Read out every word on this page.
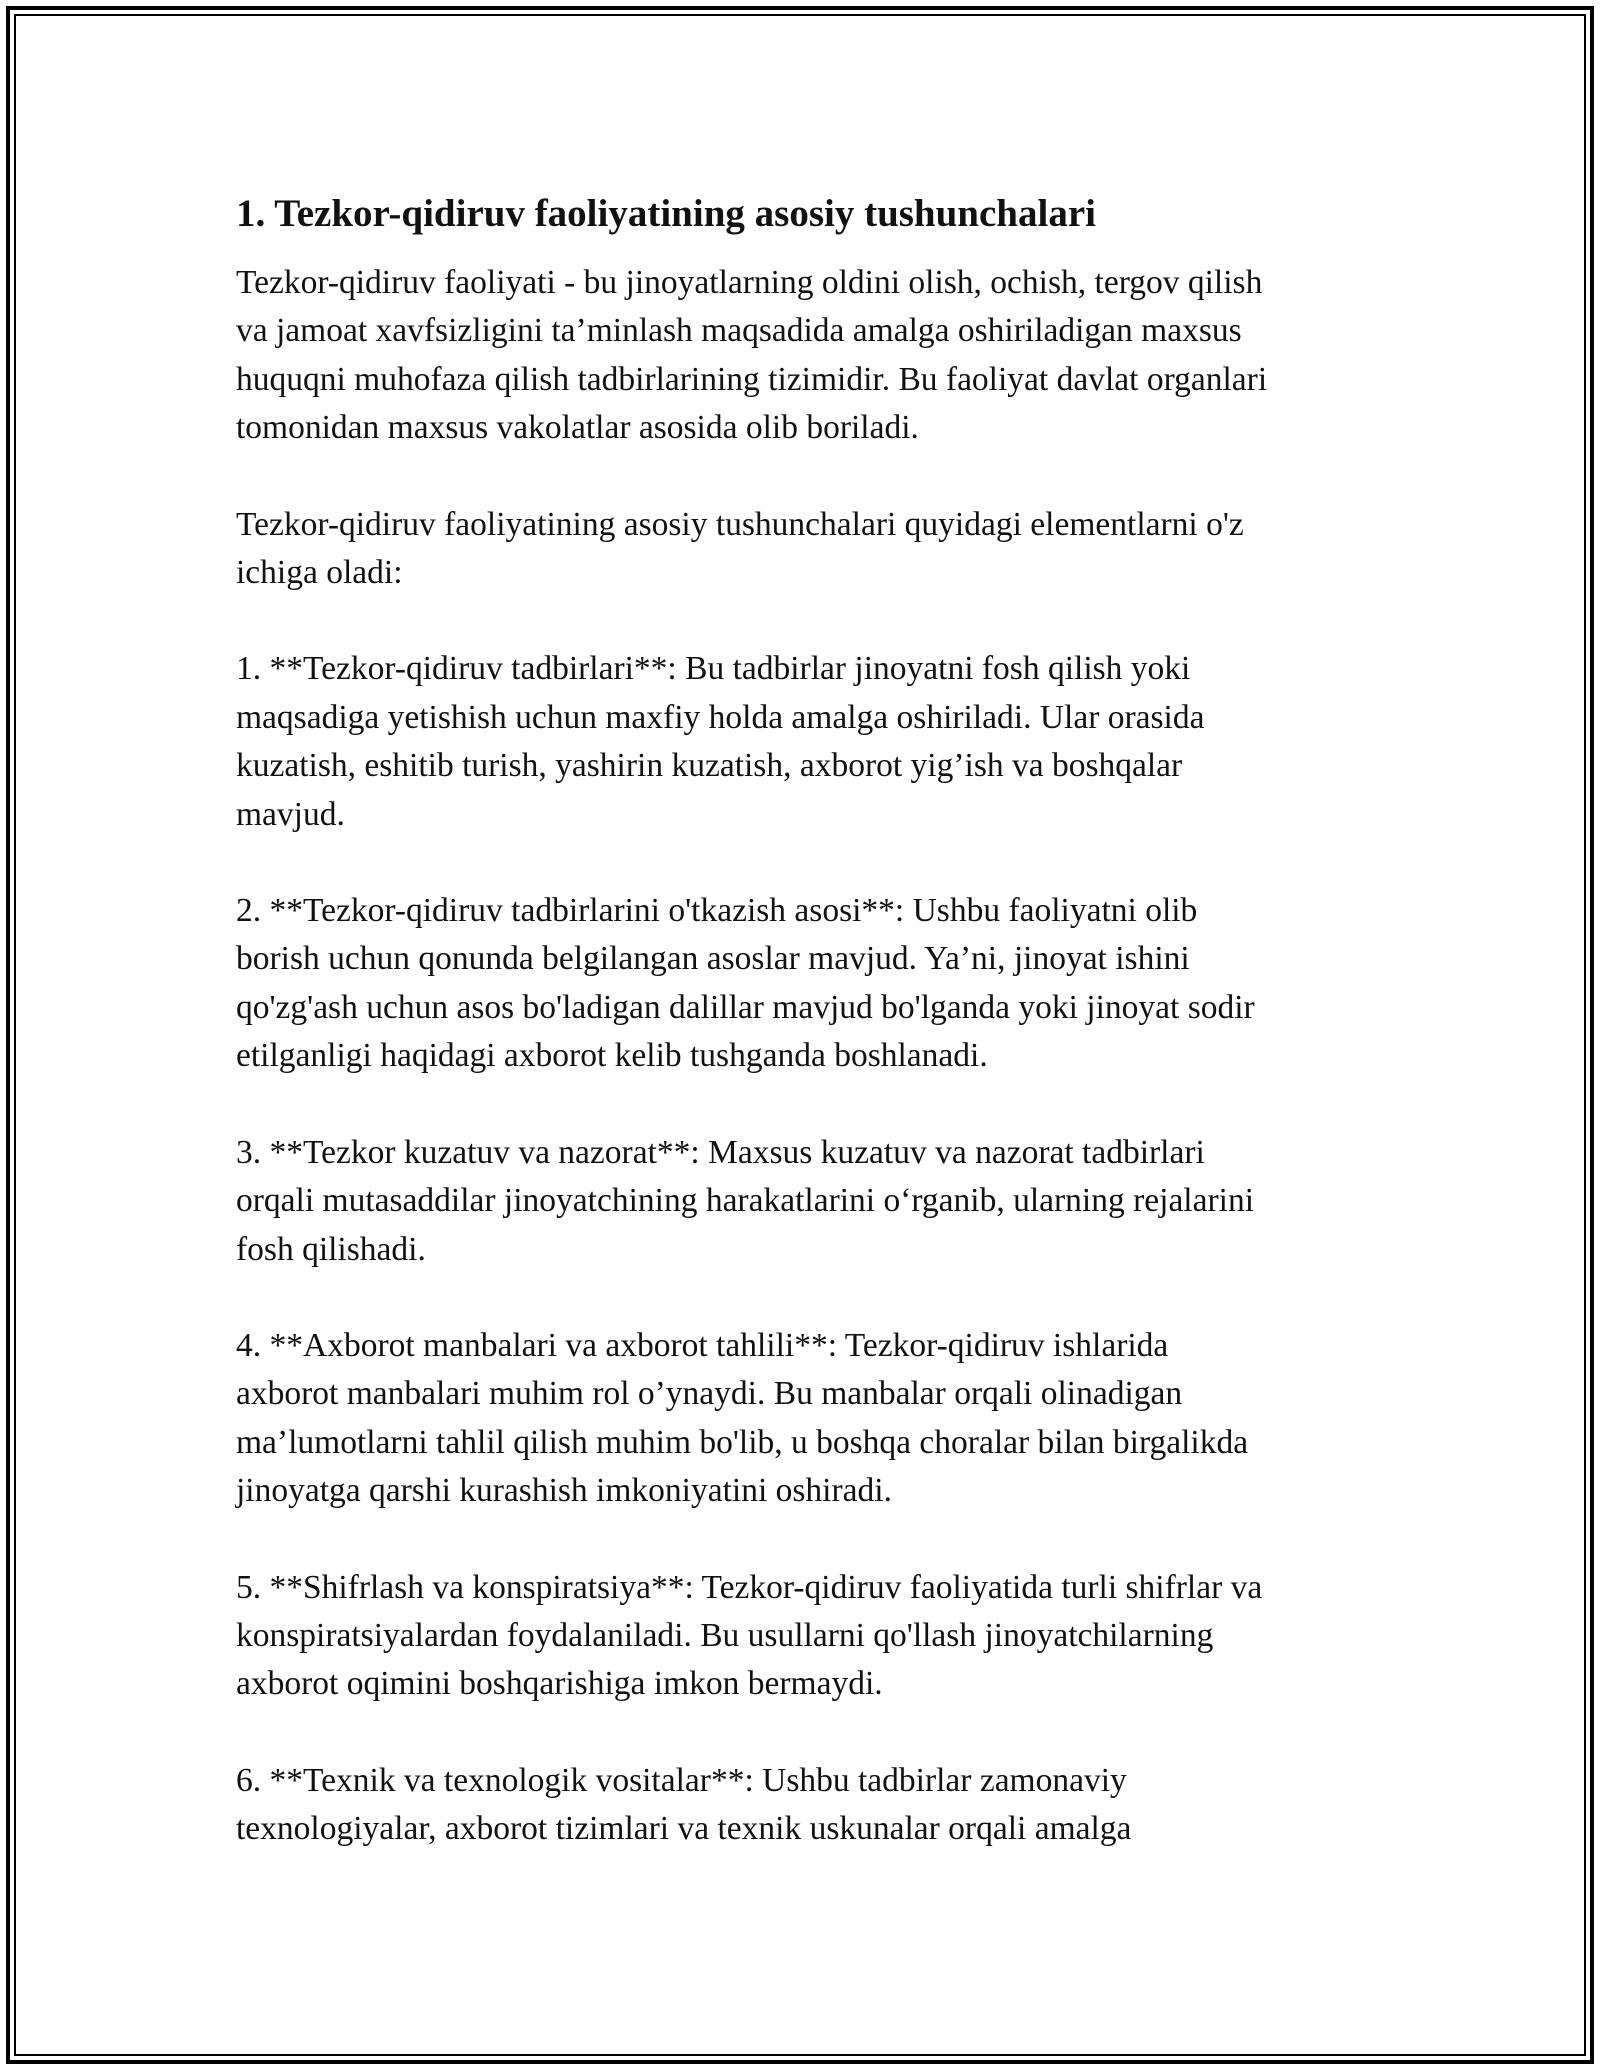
1. Tezkor-qidiruv faoliyatining asosiy tushunchalari

Tezkor-qidiruv faoliyati - bu jinoyatlarning oldini olish, ochish, tergov qilish
va jamoat xavfsizligini ta’minlash maqsadida amalga oshiriladigan maxsus
huquqni muhofaza qilish tadbirlarining tizimidir. Bu faoliyat davlat organlari
tomonidan maxsus vakolatlar asosida olib boriladi.

Tezkor-qidiruv faoliyatining asosiy tushunchalari quyidagi elementlarni o'z
ichiga oladi:

1. **Tezkor-qidiruv tadbirlari**: Bu tadbirlar jinoyatni fosh qilish yoki
maqsadiga yetishish uchun maxfiy holda amalga oshiriladi. Ular orasida
kuzatish, eshitib turish, yashirin kuzatish, axborot yig’ish va boshqalar
mavjud.

2. **Tezkor-qidiruv tadbirlarini o'tkazish asosi**: Ushbu faoliyatni olib
borish uchun qonunda belgilangan asoslar mavjud. Ya’ni, jinoyat ishini
qo'zg'ash uchun asos bo'ladigan dalillar mavjud bo'lganda yoki jinoyat sodir
etilganligi haqidagi axborot kelib tushganda boshlanadi.

3. **Tezkor kuzatuv va nazorat**: Maxsus kuzatuv va nazorat tadbirlari
orqali mutasaddilar jinoyatchining harakatlarini o‘rganib, ularning rejalarini
fosh qilishadi.

4. **Axborot manbalari va axborot tahlili**: Tezkor-qidiruv ishlarida
axborot manbalari muhim rol o’ynaydi. Bu manbalar orqali olinadigan
ma’lumotlarni tahlil qilish muhim bo'lib, u boshqa choralar bilan birgalikda
jinoyatga qarshi kurashish imkoniyatini oshiradi.

5. **Shifrlash va konspiratsiya**: Tezkor-qidiruv faoliyatida turli shifrlar va
konspiratsiyalardan foydalaniladi. Bu usullarni qo'llash jinoyatchilarning
axborot oqimini boshqarishiga imkon bermaydi.

6. **Texnik va texnologik vositalar**: Ushbu tadbirlar zamonaviy
texnologiyalar, axborot tizimlari va texnik uskunalar orqali amalga
